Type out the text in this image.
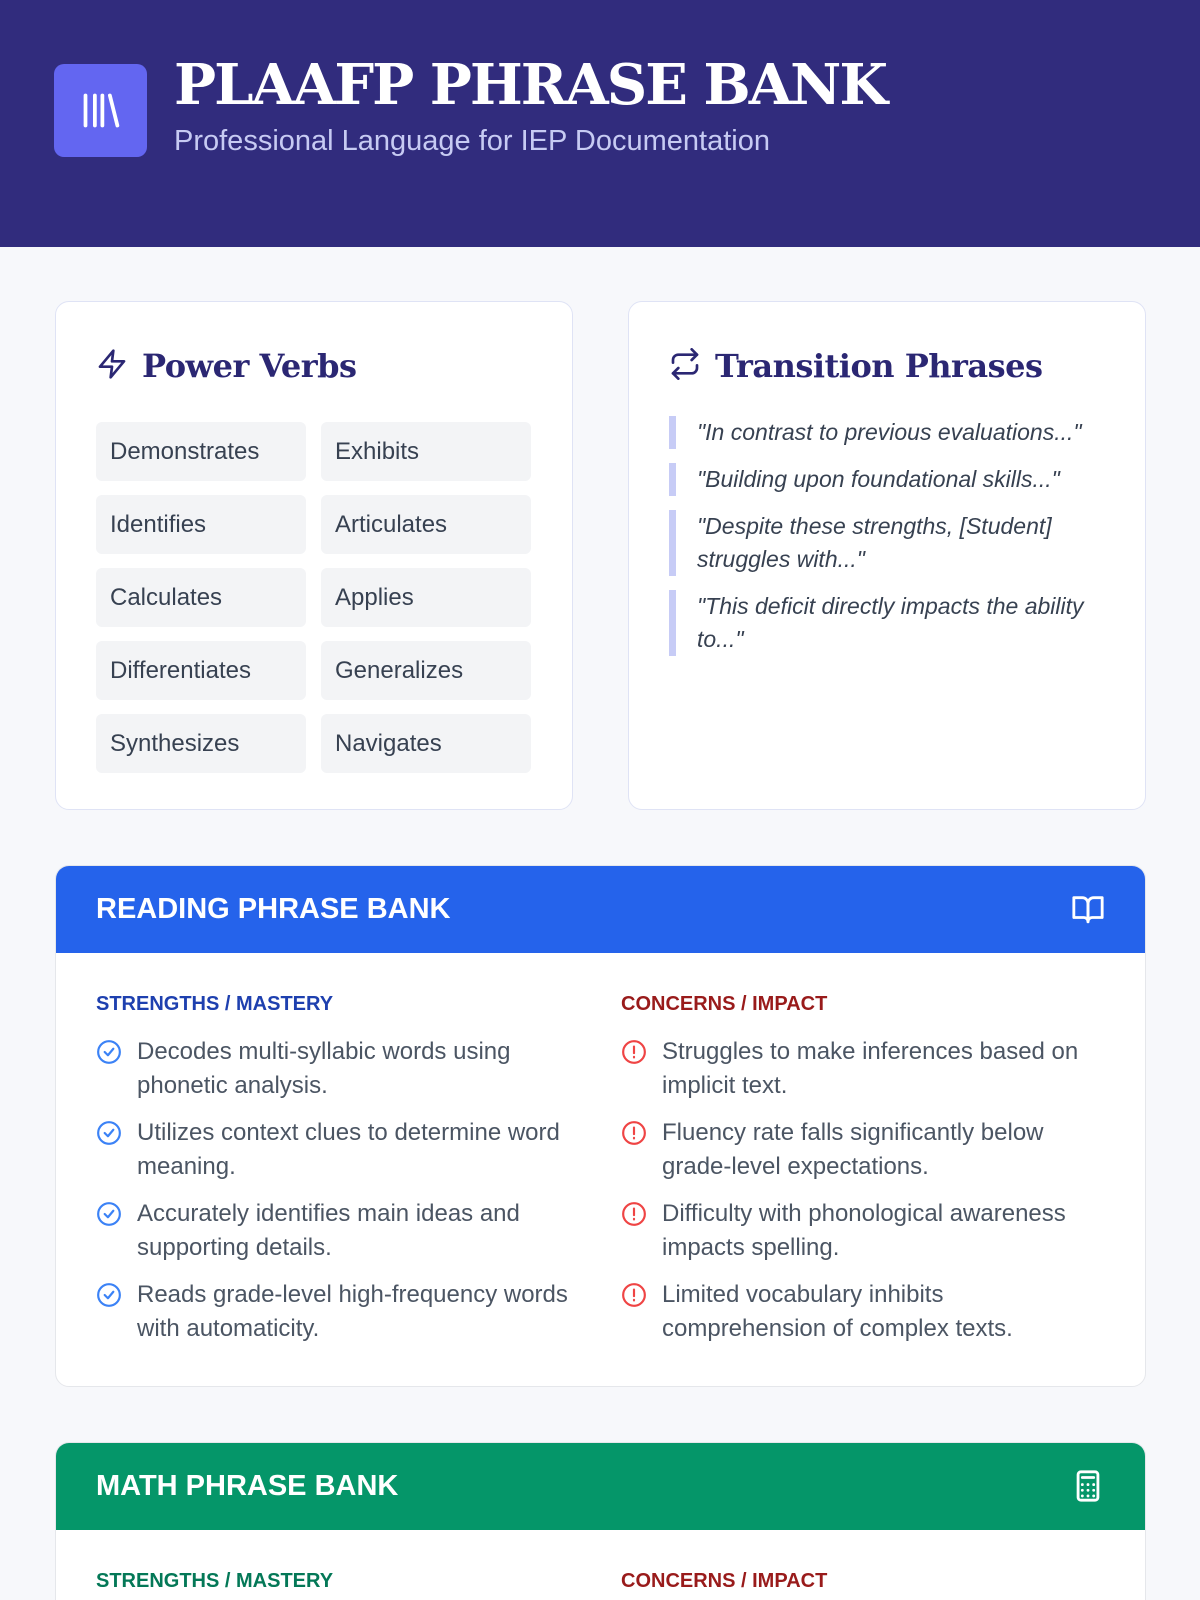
PLAAFP PHRASE BANK
Professional Language for IEP Documentation
Power Verbs
Demonstrates	Exhibits
Identifies	Articulates
Calculates	Applies
Differentiates	Generalizes
Synthesizes	Navigates
Transition Phrases
"In contrast to previous evaluations..."
"Building upon foundational skills..."
"Despite these strengths, [Student] struggles with..."
"This deficit directly impacts the ability to..."
READING PHRASE BANK
STRENGTHS / MASTERY
Decodes multi-syllabic words using phonetic analysis.
Utilizes context clues to determine word meaning.
Accurately identifies main ideas and supporting details.
Reads grade-level high-frequency words with automaticity.
CONCERNS / IMPACT
Struggles to make inferences based on implicit text.
Fluency rate falls significantly below grade-level expectations.
Difficulty with phonological awareness impacts spelling.
Limited vocabulary inhibits comprehension of complex texts.
MATH PHRASE BANK
STRENGTHS / MASTERY	CONCERNS / IMPACT
